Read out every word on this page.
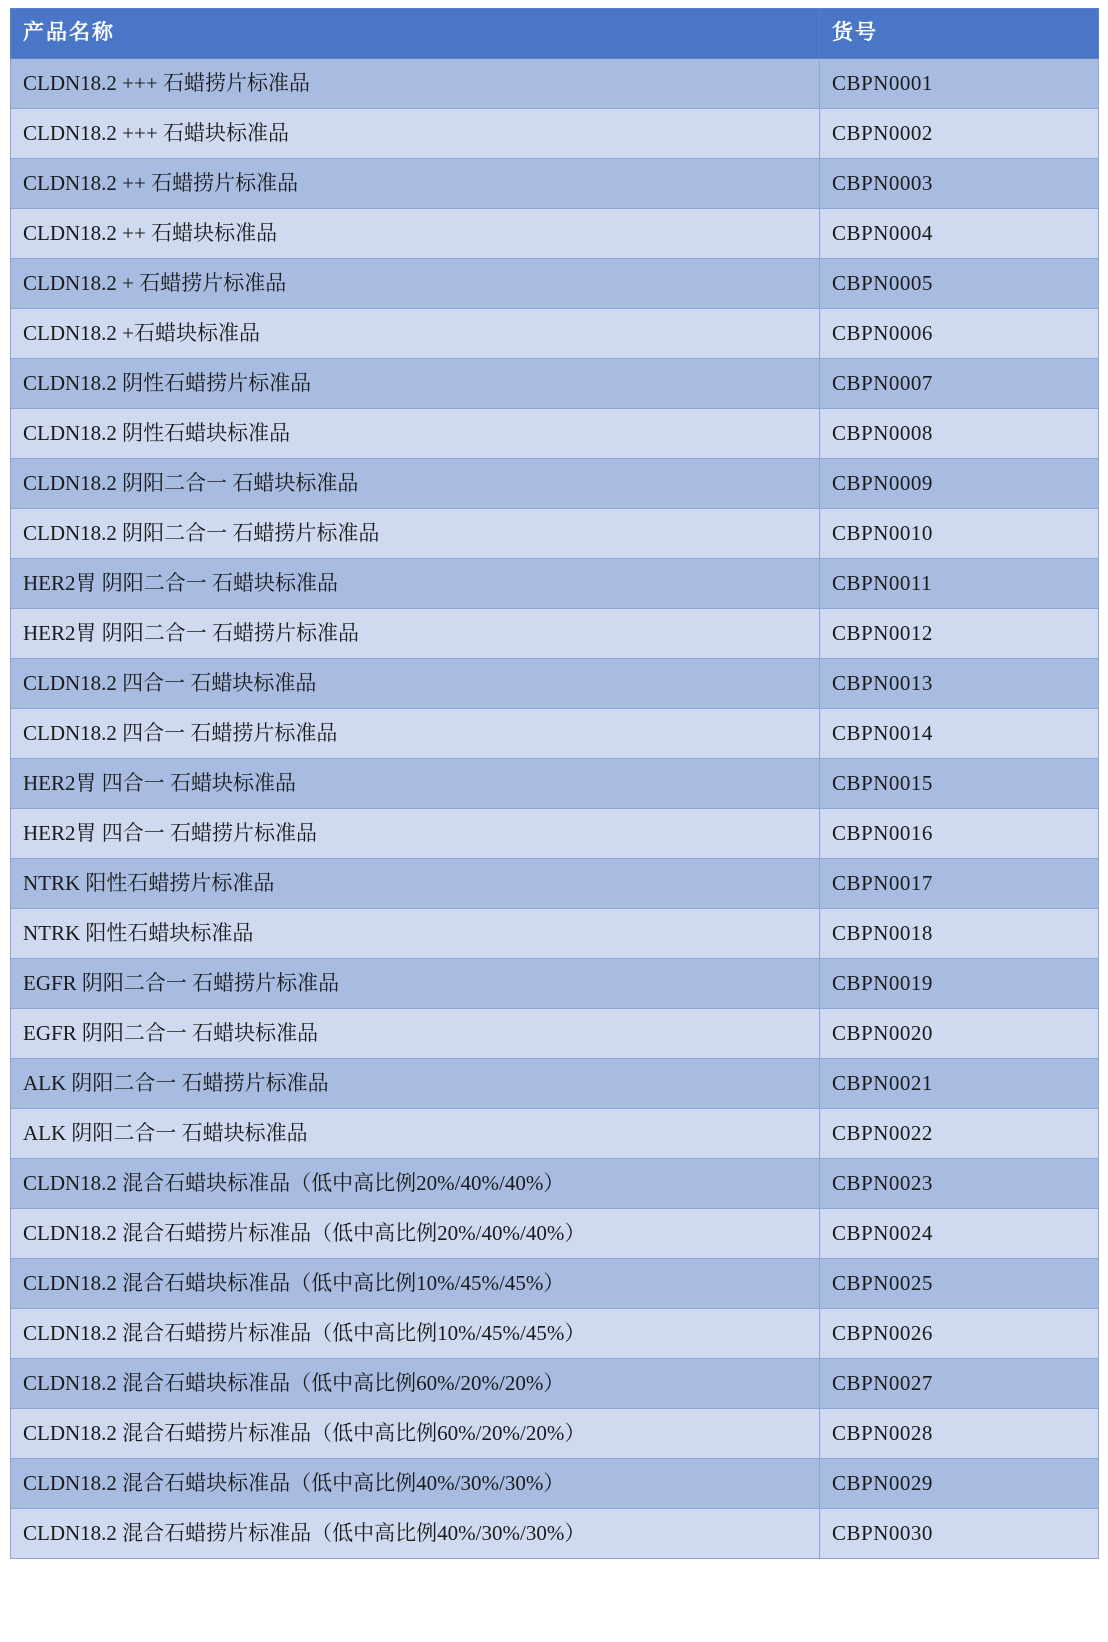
产品名称	货号
CLDN18.2 +++ 石蜡捞片标准品	CBPN0001
CLDN18.2 +++ 石蜡块标准品	CBPN0002
CLDN18.2 ++ 石蜡捞片标准品	CBPN0003
CLDN18.2 ++ 石蜡块标准品	CBPN0004
CLDN18.2 + 石蜡捞片标准品	CBPN0005
CLDN18.2 +石蜡块标准品	CBPN0006
CLDN18.2 阴性石蜡捞片标准品	CBPN0007
CLDN18.2 阴性石蜡块标准品	CBPN0008
CLDN18.2 阴阳二合一 石蜡块标准品	CBPN0009
CLDN18.2 阴阳二合一 石蜡捞片标准品	CBPN0010
HER2胃 阴阳二合一 石蜡块标准品	CBPN0011
HER2胃 阴阳二合一 石蜡捞片标准品	CBPN0012
CLDN18.2 四合一 石蜡块标准品	CBPN0013
CLDN18.2 四合一 石蜡捞片标准品	CBPN0014
HER2胃 四合一 石蜡块标准品	CBPN0015
HER2胃 四合一 石蜡捞片标准品	CBPN0016
NTRK 阳性石蜡捞片标准品	CBPN0017
NTRK 阳性石蜡块标准品	CBPN0018
EGFR 阴阳二合一 石蜡捞片标准品	CBPN0019
EGFR 阴阳二合一 石蜡块标准品	CBPN0020
ALK 阴阳二合一 石蜡捞片标准品	CBPN0021
ALK 阴阳二合一 石蜡块标准品	CBPN0022
CLDN18.2 混合石蜡块标准品（低中高比例20%/40%/40%）	CBPN0023
CLDN18.2 混合石蜡捞片标准品（低中高比例20%/40%/40%）	CBPN0024
CLDN18.2 混合石蜡块标准品（低中高比例10%/45%/45%）	CBPN0025
CLDN18.2 混合石蜡捞片标准品（低中高比例10%/45%/45%）	CBPN0026
CLDN18.2 混合石蜡块标准品（低中高比例60%/20%/20%）	CBPN0027
CLDN18.2 混合石蜡捞片标准品（低中高比例60%/20%/20%）	CBPN0028
CLDN18.2 混合石蜡块标准品（低中高比例40%/30%/30%）	CBPN0029
CLDN18.2 混合石蜡捞片标准品（低中高比例40%/30%/30%）	CBPN0030
